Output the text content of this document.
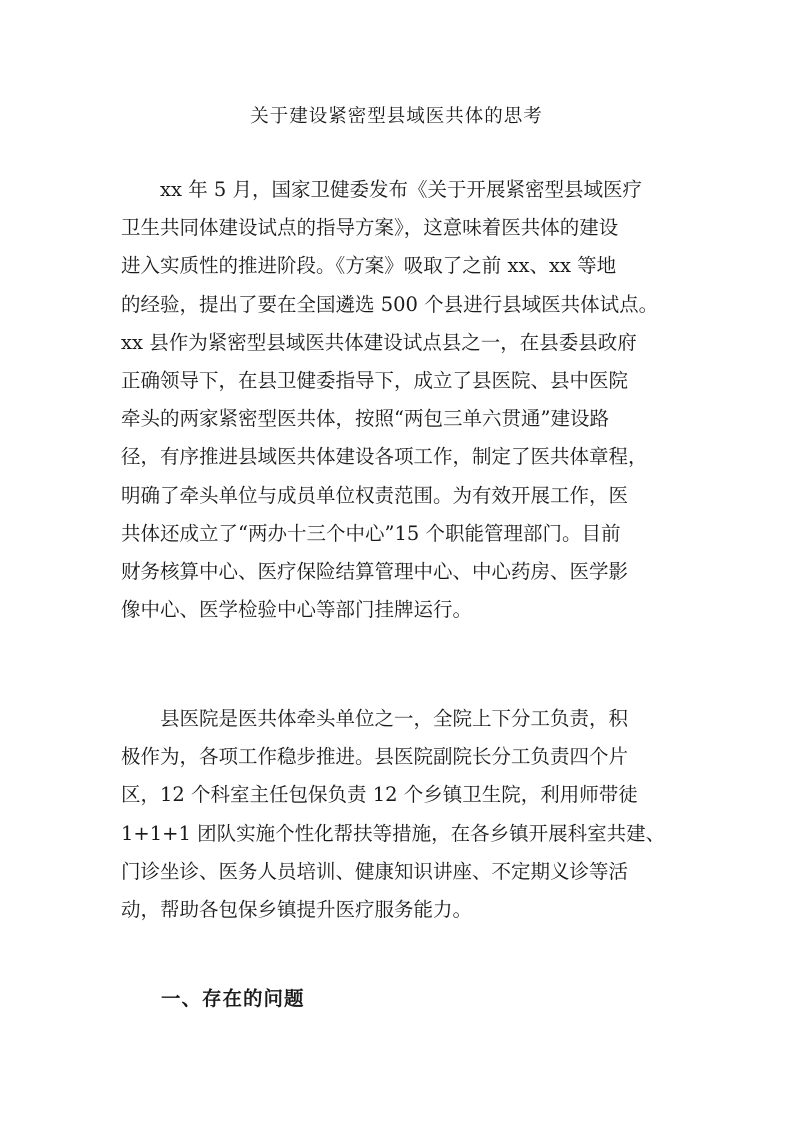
关于建设紧密型县域医共体的思考

xx 年 5 月，国家卫健委发布《关于开展紧密型县域医疗
卫生共同体建设试点的指导方案》，这意味着医共体的建设
进入实质性的推进阶段。《方案》吸取了之前 xx、xx 等地
的经验，提出了要在全国遴选 500 个县进行县域医共体试点。
xx 县作为紧密型县域医共体建设试点县之一，在县委县政府
正确领导下，在县卫健委指导下，成立了县医院、县中医院
牵头的两家紧密型医共体，按照“两包三单六贯通”建设路
径，有序推进县域医共体建设各项工作，制定了医共体章程，
明确了牵头单位与成员单位权责范围。为有效开展工作，医
共体还成立了“两办十三个中心”15 个职能管理部门。目前
财务核算中心、医疗保险结算管理中心、中心药房、医学影
像中心、医学检验中心等部门挂牌运行。

县医院是医共体牵头单位之一，全院上下分工负责，积
极作为，各项工作稳步推进。县医院副院长分工负责四个片
区，12 个科室主任包保负责 12 个乡镇卫生院，利用师带徒
1+1+1 团队实施个性化帮扶等措施，在各乡镇开展科室共建、
门诊坐诊、医务人员培训、健康知识讲座、不定期义诊等活
动，帮助各包保乡镇提升医疗服务能力。

一、存在的问题
